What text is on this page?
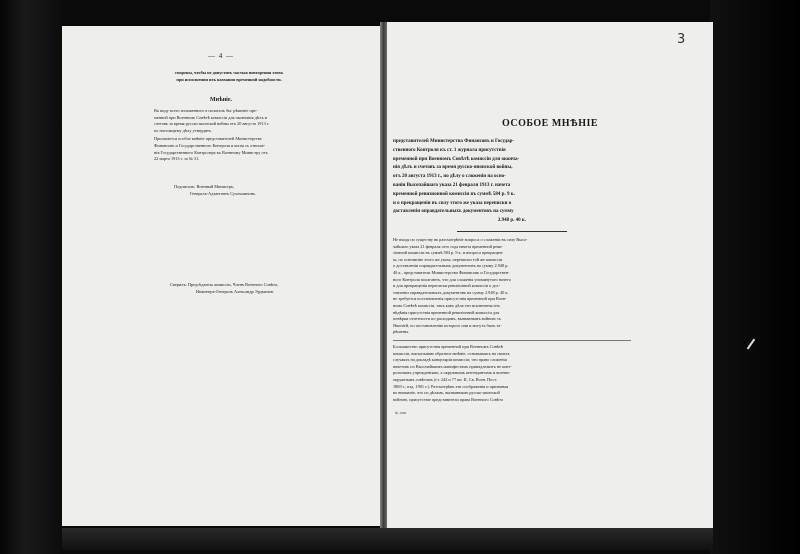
— 4 —
сморены, чтобы не допустить частыя повторения этихъ
при исполнении ихъ названия временной надобности.
Мнѣніе.
Въ виду всего изложенного в полагалъ бы: рѣшенiе пре-
менной при Военномъ Совѣтѣ комиссiи для окончанiя дѣлъ и
счетовъ за время русско-японской войны отъ 20 августа 1913 г.
по настоящему дѣлу утвердить.
Прилагается особое мнѣнiе представителей Министерства
Финансовъ и Государственного Контроля и копiя съ отноше-
нiя Государственного Контролера къ Военному Министру отъ
22 марта 1913 г. за № 31.
Подписалъ: Военный Министръ,
Генералъ-Адъютантъ Сухомлиновъ.
Сверилъ: Предсѣдатель комиссiи, Членъ Военного Совѣта,
Инженеръ-Генералъ Александр Эрдманов.
3
ОСОБОЕ МНѢНIЕ
представителей Министерства Финансовъ и Государ-
ственного Контроля къ ст. 1 журнала присутствiя
временной при Военномъ Совѣтѣ комиссiи для оконча-
нiя дѣлъ и счетовъ за время русско-японской войны,
отъ 20 августа 1913 г., по дѣлу о сложенiи на осно-
ванiи Высочайшаго указа 21 февраля 1913 г. начета
временной ревизионной комиссiи въ суммѣ 584 р. 9 к.
и о прекращенiи въ силу этого же указа переписки о
доставленiи оправдательныхъ документовъ на сумму
2.948 р. 40 к.
Не входя по существу въ разсмотрѣнiе вопроса о сложенiи въ силу Высо-
чайшаго указа 21 февраля сего года начета временной реви-
зiонной комиссiи въ суммѣ 584 р. 9 к. и вопроса прекращен-
iя, по основанiю этого же указа, переписки той же комиссiи
о доставленiи оправдательныхъ документовъ на сумму 2.948 р.
40 к., представители Министерства Финансовъ и Государствен-
ного Контроля полагаютъ, что для сложенiя упомянутаго начета
и для прекращенiя переписки ревизiонной комиссiи о дос-
тавленiи оправдательныхъ документовъ на сумму 2.948 р. 40 к.
не требуется постановленiя присутствiя временной при Воен-
номъ Совѣтѣ комиссiи, такъ какъ дѣла эти исключены изъ
вѣдѣнiя присутствiя временной ревизiонной комиссiи для
повѣрки отчетности по расходамъ, вызваннымъ войною съ
Японiей, по постановленiю которого они и могутъ быть за-
рѣшены.
Большинство присутствiя временной при Военномъ Совѣтѣ
комиссiи, высказываю обратное мнѣнiе, основываясь на своихъ
случаяхъ на докладѣ канцелярiи комиссiи, что право сложенiя
начетовъ по Высочайшимъ манифестамъ принадлежитъ не конт-
рольнымъ учрежденiямъ, а окружнымъ интендантамъ и военно-
окружнымъ совѣтамъ (ст. 242 и 77 кн. II, Св. Воен. Пост.
1869 г., изд. 1901 г.). Разсмотрѣвъ эти соображенiя и признавая
во вниманiе, что по дѣламъ, вызваннымъ русско-японской
войною, присутствiе представители права Военного Совѣта
№ 1505
